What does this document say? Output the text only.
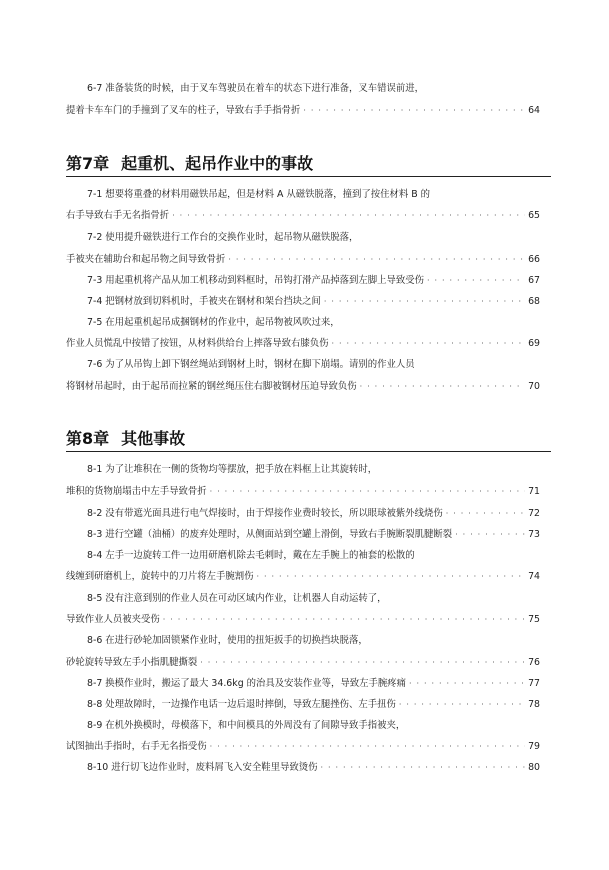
6-7 准备装货的时候，由于叉车驾驶员在着车的状态下进行准备，叉车错误前进，
提着卡车车门的手撞到了叉车的柱子，导致右手手指骨折 · · ·	64
第7章 起重机、起吊作业中的事故
7-1 想要将重叠的材料用磁铁吊起，但是材料 A 从磁铁脱落，撞到了按住材料 B 的
右手导致右手无名指骨折 · · ·	65
7-2 使用提升磁铁进行工作台的交换作业时，起吊物从磁铁脱落，
手被夹在辅助台和起吊物之间导致骨折 · · ·	66
7-3 用起重机将产品从加工机移动到料框时，吊钩打滑产品掉落到左脚上导致受伤 · · ·	67
7-4 把钢材放到切料机时，手被夹在钢材和架台挡块之间 · · ·	68
7-5 在用起重机起吊成捆钢材的作业中，起吊物被风吹过来，
作业人员慌乱中按错了按钮，从材料供给台上摔落导致右膝负伤 · · ·	69
7-6 为了从吊钩上卸下钢丝绳站到钢材上时，钢材在脚下崩塌。请别的作业人员
将钢材吊起时，由于起吊而拉紧的钢丝绳压住右脚被钢材压迫导致负伤 · · ·	70
第8章 其他事故
8-1 为了让堆积在一侧的货物均等摆放，把手放在料框上让其旋转时，
堆积的货物崩塌击中左手导致骨折 · · ·	71
8-2 没有带遮光面具进行电气焊接时，由于焊接作业费时较长，所以眼球被紫外线烧伤 · · ·	72
8-3 进行空罐（油桶）的废弃处理时，从侧面站到空罐上滑倒，导致右手腕断裂肌腱断裂 · · ·	73
8-4 左手一边旋转工件一边用研磨机除去毛刺时，戴在左手腕上的袖套的松散的
线缠到研磨机上，旋转中的刀片将左手腕割伤 · · ·	74
8-5 没有注意到别的作业人员在可动区域内作业，让机器人自动运转了，
导致作业人员被夹受伤 · · ·	75
8-6 在进行砂轮加固锁紧作业时，使用的扭矩扳手的切换挡块脱落，
砂轮旋转导致左手小指肌腱撕裂 · · ·	76
8-7 换模作业时，搬运了最大 34.6kg 的治具及安装作业等，导致左手腕疼痛 · · ·	77
8-8 处理故障时，一边操作电话一边后退时摔倒，导致左腿挫伤、左手扭伤 · · ·	78
8-9 在机外换模时，母模落下，和中间模具的外周没有了间隙导致手指被夹，
试图抽出手指时，右手无名指受伤 · · ·	79
8-10 进行切飞边作业时，废料屑飞入安全鞋里导致烫伤 · · ·	80
